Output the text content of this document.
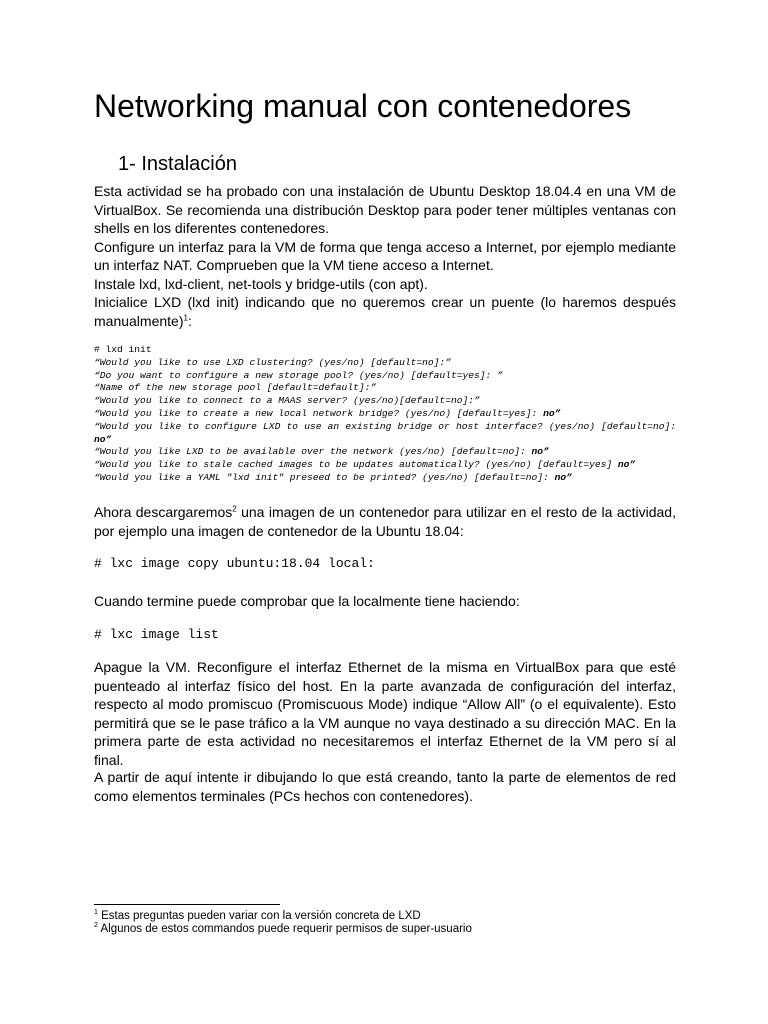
Networking manual con contenedores
1- Instalación

Esta actividad se ha probado con una instalación de Ubuntu Desktop 18.04.4 en una VM de VirtualBox. Se recomienda una distribución Desktop para poder tener múltiples ventanas con shells en los diferentes contenedores.

Configure un interfaz para la VM de forma que tenga acceso a Internet, por ejemplo mediante un interfaz NAT. Comprueben que la VM tiene acceso a Internet.

Instale lxd, lxd-client, net-tools y bridge-utils (con apt).

Inicialice LXD (lxd init) indicando que no queremos crear un puente (lo haremos después manualmente)$^1$:

# lxd init
“Would you like to use LXD clustering? (yes/no) [default=no]:”
“Do you want to configure a new storage pool? (yes/no) [default=yes]: ”
“Name of the new storage pool [default=default]:”
“Would you like to connect to a MAAS server? (yes/no)[default=no]:”
“Would you like to create a new local network bridge? (yes/no) [default=yes]: no”
“Would you like to configure LXD to use an existing bridge or host interface? (yes/no) [default=no]: no”
“Would you like LXD to be available over the network (yes/no) [default=no]: no”
“Would you like to stale cached images to be updates automatically? (yes/no) [default=yes] no”
“Would you like a YAML "lxd init" preseed to be printed? (yes/no) [default=no]: no”

Ahora descargaremos$^2$ una imagen de un contenedor para utilizar en el resto de la actividad, por ejemplo una imagen de contenedor de la Ubuntu 18.04:

# lxc image copy ubuntu:18.04 local:

Cuando termine puede comprobar que la localmente tiene haciendo:

# lxc image list

Apague la VM. Reconfigure el interfaz Ethernet de la misma en VirtualBox para que esté puenteado al interfaz físico del host. En la parte avanzada de configuración del interfaz, respecto al modo promiscuo (Promiscuous Mode) indique “Allow All” (o el equivalente). Esto permitirá que se le pase tráfico a la VM aunque no vaya destinado a su dirección MAC. En la primera parte de esta actividad no necesitaremos el interfaz Ethernet de la VM pero sí al final.

A partir de aquí intente ir dibujando lo que está creando, tanto la parte de elementos de red como elementos terminales (PCs hechos con contenedores).

$^1$ Estas preguntas pueden variar con la versión concreta de LXD
$^2$ Algunos de estos commandos puede requerir permisos de super-usuario
